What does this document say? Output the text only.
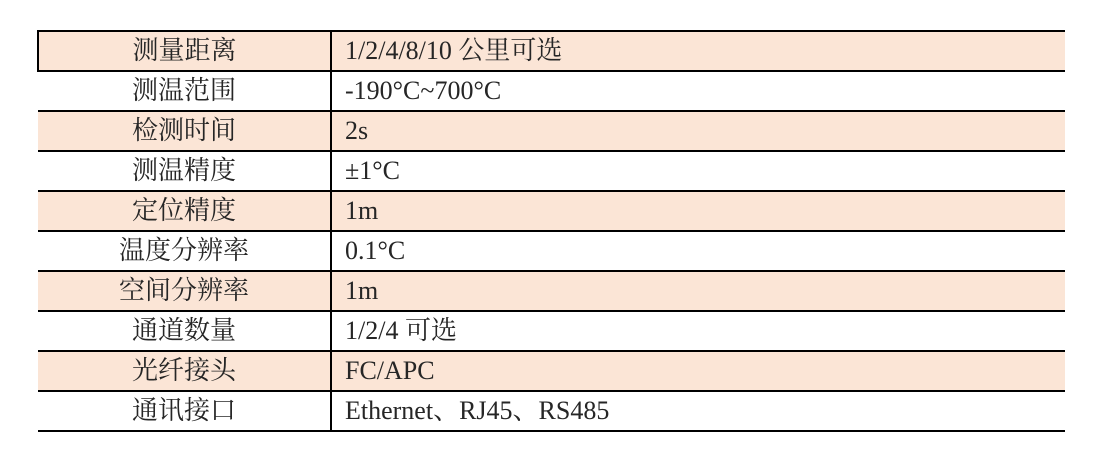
测量距离	1/2/4/8/10 公里可选
测温范围	-190°C~700°C
检测时间	2s
测温精度	±1°C
定位精度	1m
温度分辨率	0.1°C
空间分辨率	1m
通道数量	1/2/4 可选
光纤接头	FC/APC
通讯接口	Ethernet、RJ45、RS485
